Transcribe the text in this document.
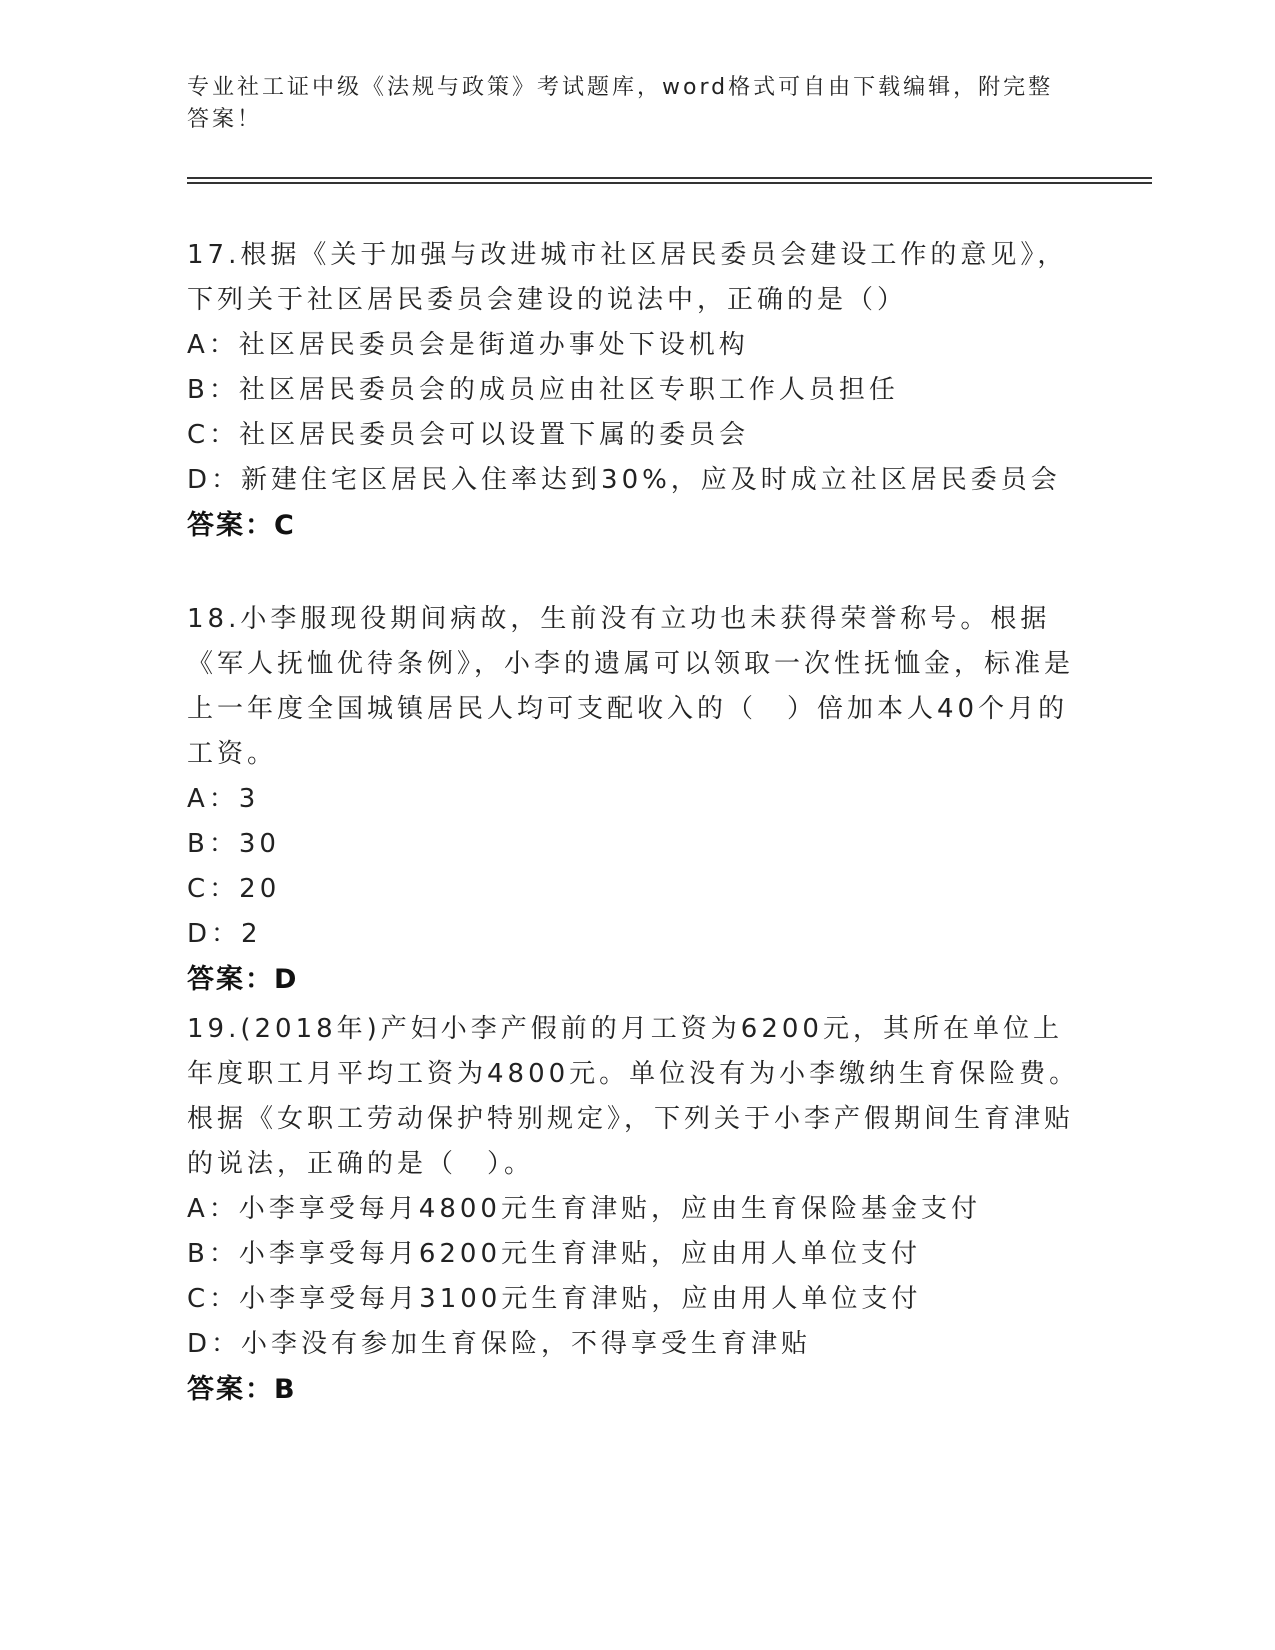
专业社工证中级《法规与政策》考试题库，word格式可自由下载编辑，附完整答案！

17.根据《关于加强与改进城市社区居民委员会建设工作的意见》，下列关于社区居民委员会建设的说法中，正确的是（）

A：社区居民委员会是街道办事处下设机构

B：社区居民委员会的成员应由社区专职工作人员担任

C：社区居民委员会可以设置下属的委员会

D：新建住宅区居民入住率达到30%，应及时成立社区居民委员会

答案：C

18.小李服现役期间病故，生前没有立功也未获得荣誉称号。根据《军人抚恤优待条例》，小李的遗属可以领取一次性抚恤金，标准是上一年度全国城镇居民人均可支配收入的（　）倍加本人40个月的工资。

A：3

B：30

C：20

D：2

答案：D

19.(2018年)产妇小李产假前的月工资为6200元，其所在单位上年度职工月平均工资为4800元。单位没有为小李缴纳生育保险费。根据《女职工劳动保护特别规定》，下列关于小李产假期间生育津贴的说法，正确的是（　）。

A：小李享受每月4800元生育津贴，应由生育保险基金支付

B：小李享受每月6200元生育津贴，应由用人单位支付

C：小李享受每月3100元生育津贴，应由用人单位支付

D：小李没有参加生育保险，不得享受生育津贴

答案：B
